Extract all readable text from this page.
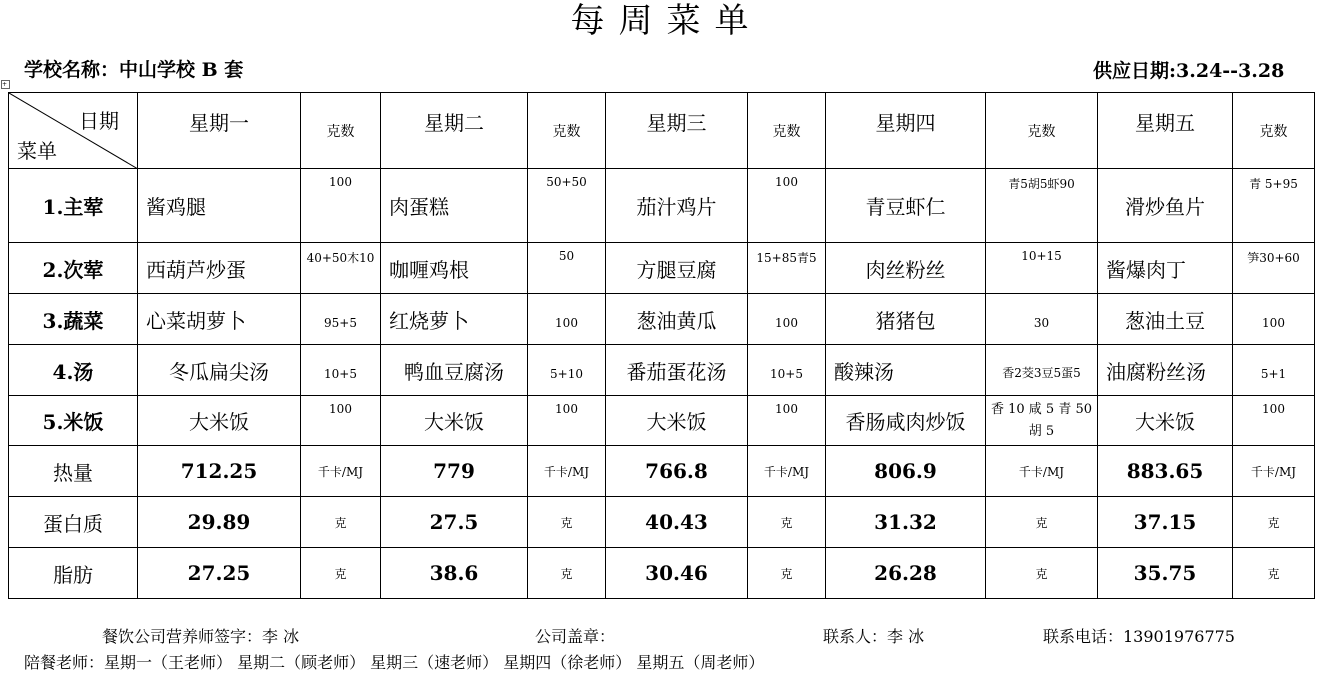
每周菜单
学校名称：中山学校 B 套	供应日期:3.24--3.28
+
日期
菜单	星期一	克数	星期二	克数	星期三	克数	星期四	克数	星期五	克数
1.主荤	酱鸡腿	100	肉蛋糕	50+50	茄汁鸡片	100	青豆虾仁	青5胡5虾90	滑炒鱼片	青 5+95
2.次荤	西葫芦炒蛋	40+50木10	咖喱鸡根	50	方腿豆腐	15+85青5	肉丝粉丝	10+15	酱爆肉丁	笋30+60
3.蔬菜	心菜胡萝卜	95+5	红烧萝卜	100	葱油黄瓜	100	猪猪包	30	葱油土豆	100
4.汤	冬瓜扁尖汤	10+5	鸭血豆腐汤	5+10	番茄蛋花汤	10+5	酸辣汤	香2茭3豆5蛋5	油腐粉丝汤	5+1
5.米饭	大米饭	100	大米饭	100	大米饭	100	香肠咸肉炒饭	香 10 咸 5 青 50 胡 5	大米饭	100
热量	712.25	千卡/MJ	779	千卡/MJ	766.8	千卡/MJ	806.9	千卡/MJ	883.65	千卡/MJ
蛋白质	29.89	克	27.5	克	40.43	克	31.32	克	37.15	克
脂肪	27.25	克	38.6	克	30.46	克	26.28	克	35.75	克
餐饮公司营养师签字：李 冰	公司盖章：	联系人：李 冰	联系电话：13901976775
陪餐老师：星期一（王老师） 星期二（顾老师） 星期三（速老师） 星期四（徐老师） 星期五（周老师）
